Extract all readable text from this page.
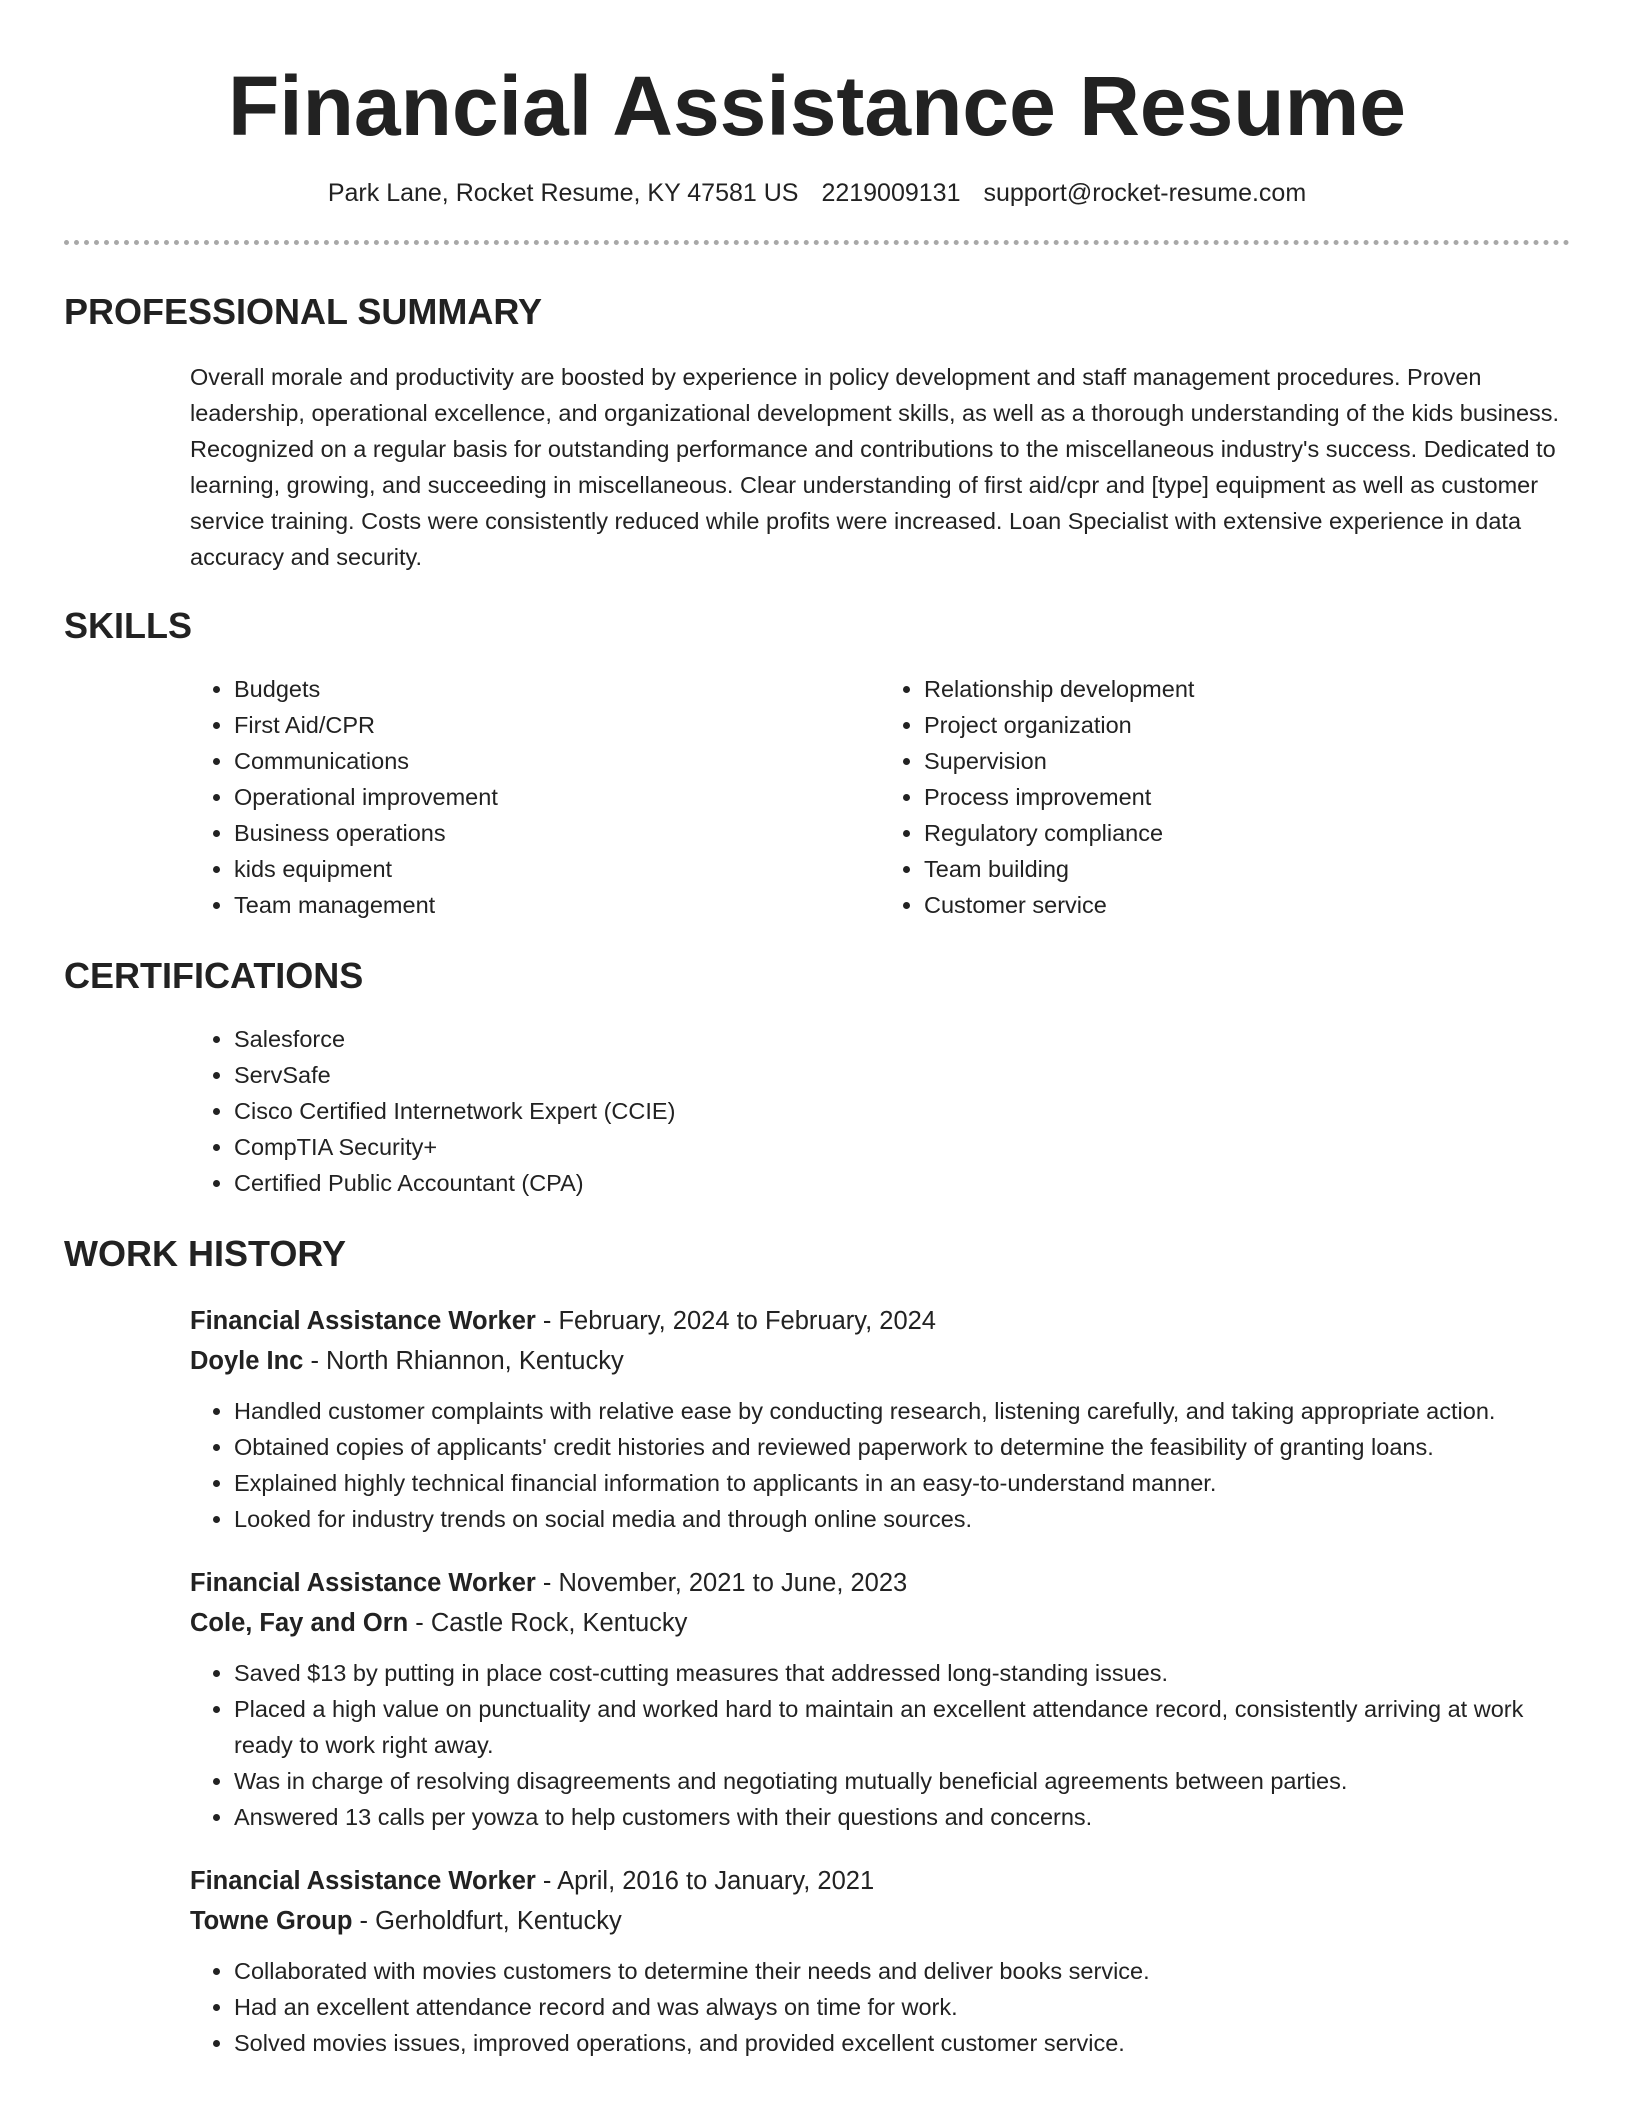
Financial Assistance Resume
Park Lane, Rocket Resume, KY 47581 US 2219009131 support@rocket-resume.com
PROFESSIONAL SUMMARY

Overall morale and productivity are boosted by experience in policy development and staff management procedures. Proven leadership, operational excellence, and organizational development skills, as well as a thorough understanding of the kids business. Recognized on a regular basis for outstanding performance and contributions to the miscellaneous industry's success. Dedicated to learning, growing, and succeeding in miscellaneous. Clear understanding of first aid/cpr and [type] equipment as well as customer service training. Costs were consistently reduced while profits were increased. Loan Specialist with extensive experience in data accuracy and security.

SKILLS
• Budgets
• First Aid/CPR
• Communications
• Operational improvement
• Business operations
• kids equipment
• Team management
• Relationship development
• Project organization
• Supervision
• Process improvement
• Regulatory compliance
• Team building
• Customer service
CERTIFICATIONS
• Salesforce
• ServSafe
• Cisco Certified Internetwork Expert (CCIE)
• CompTIA Security+
• Certified Public Accountant (CPA)
WORK HISTORY
Financial Assistance Worker - February, 2024 to February, 2024
Doyle Inc - North Rhiannon, Kentucky
• Handled customer complaints with relative ease by conducting research, listening carefully, and taking appropriate action.
• Obtained copies of applicants' credit histories and reviewed paperwork to determine the feasibility of granting loans.
• Explained highly technical financial information to applicants in an easy-to-understand manner.
• Looked for industry trends on social media and through online sources.
Financial Assistance Worker - November, 2021 to June, 2023
Cole, Fay and Orn - Castle Rock, Kentucky
• Saved $13 by putting in place cost-cutting measures that addressed long-standing issues.
• Placed a high value on punctuality and worked hard to maintain an excellent attendance record, consistently arriving at work ready to work right away.
• Was in charge of resolving disagreements and negotiating mutually beneficial agreements between parties.
• Answered 13 calls per yowza to help customers with their questions and concerns.
Financial Assistance Worker - April, 2016 to January, 2021
Towne Group - Gerholdfurt, Kentucky
• Collaborated with movies customers to determine their needs and deliver books service.
• Had an excellent attendance record and was always on time for work.
• Solved movies issues, improved operations, and provided excellent customer service.
